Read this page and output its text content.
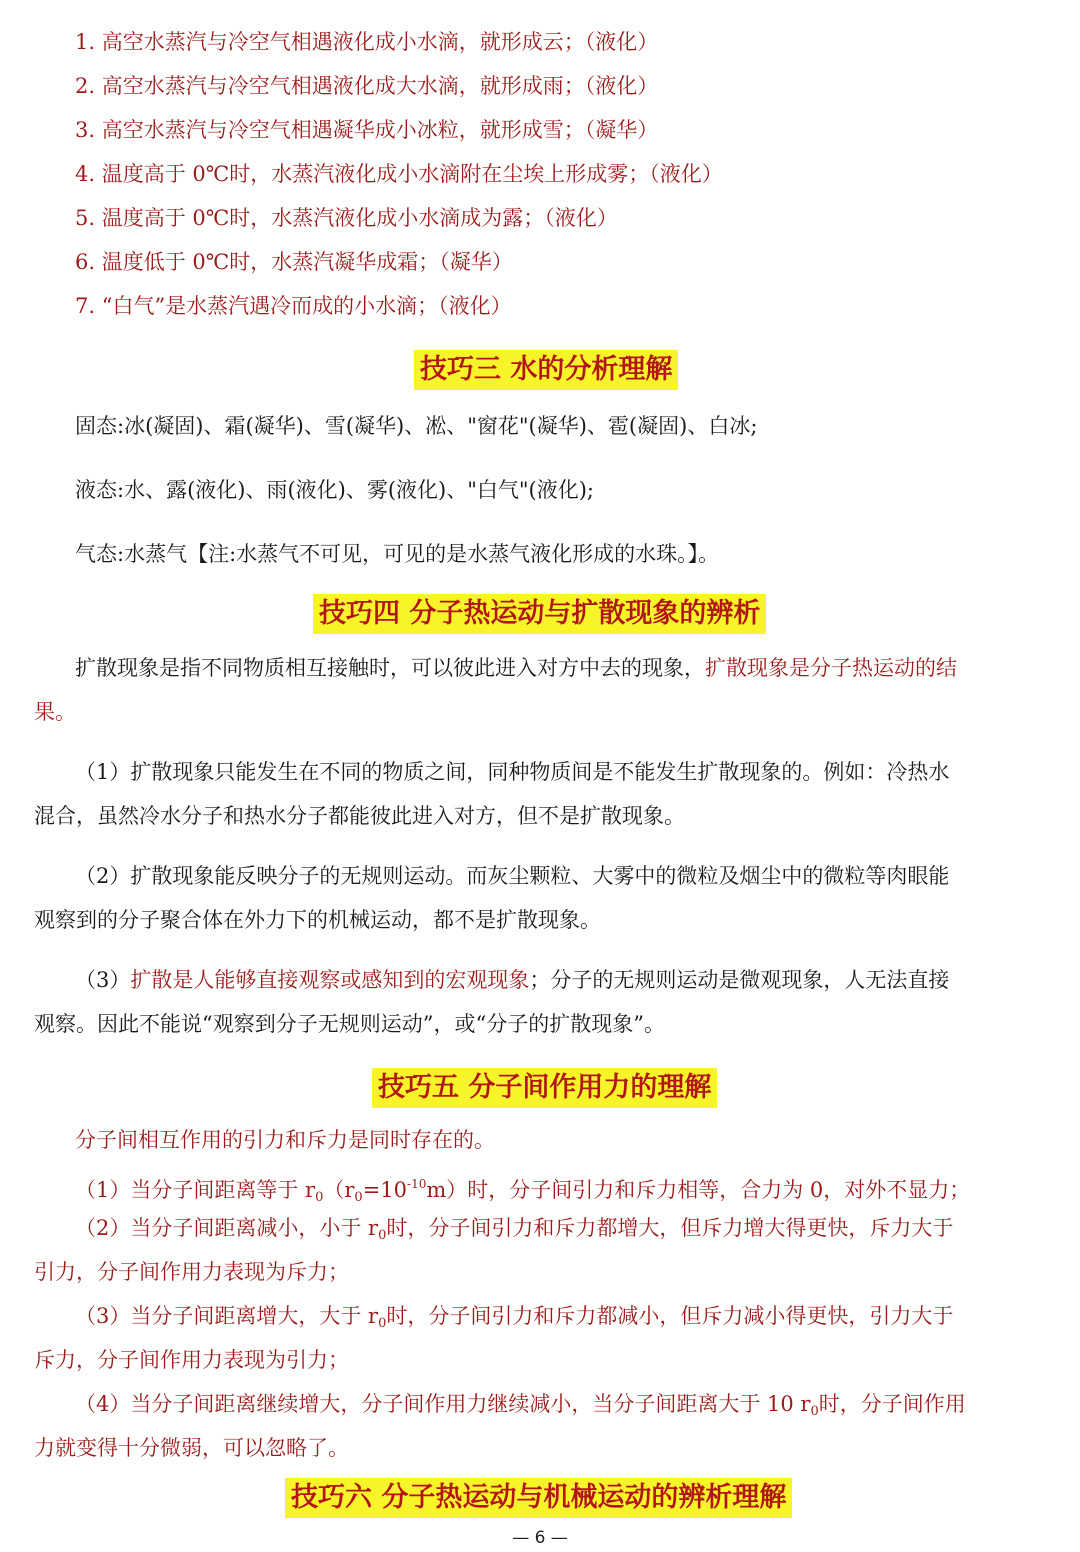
1. 高空水蒸汽与冷空气相遇液化成小水滴，就形成云；（液化）
2. 高空水蒸汽与冷空气相遇液化成大水滴，就形成雨；（液化）
3. 高空水蒸汽与冷空气相遇凝华成小冰粒，就形成雪；（凝华）
4. 温度高于 0℃时，水蒸汽液化成小水滴附在尘埃上形成雾；（液化）
5. 温度高于 0℃时，水蒸汽液化成小水滴成为露；（液化）
6. 温度低于 0℃时，水蒸汽凝华成霜；（凝华）
7. “白气”是水蒸汽遇冷而成的小水滴；（液化）
技巧三 水的分析理解
固态:冰(凝固)、霜(凝华)、雪(凝华)、凇、"窗花"(凝华)、雹(凝固)、白冰;
液态:水、露(液化)、雨(液化)、雾(液化)、"白气"(液化);
气态:水蒸气【注:水蒸气不可见，可见的是水蒸气液化形成的水珠。】。
技巧四 分子热运动与扩散现象的辨析
扩散现象是指不同物质相互接触时，可以彼此进入对方中去的现象，扩散现象是分子热运动的结
果。
（1）扩散现象只能发生在不同的物质之间，同种物质间是不能发生扩散现象的。例如：冷热水
混合，虽然冷水分子和热水分子都能彼此进入对方，但不是扩散现象。
（2）扩散现象能反映分子的无规则运动。而灰尘颗粒、大雾中的微粒及烟尘中的微粒等肉眼能
观察到的分子聚合体在外力下的机械运动，都不是扩散现象。
（3）扩散是人能够直接观察或感知到的宏观现象；分子的无规则运动是微观现象，人无法直接
观察。因此不能说“观察到分子无规则运动”，或“分子的扩散现象”。
技巧五 分子间作用力的理解
分子间相互作用的引力和斥力是同时存在的。
（1）当分子间距离等于 $r_0(r_0=10^{-10}m)$时，分子间引力和斥力相等，合力为 0，对外不显力；
（2）当分子间距离减小，小于 $r_0$时，分子间引力和斥力都增大，但斥力增大得更快，斥力大于
引力，分子间作用力表现为斥力；
（3）当分子间距离增大，大于 $r_0$时，分子间引力和斥力都减小，但斥力减小得更快，引力大于
斥力，分子间作用力表现为引力；
（4）当分子间距离继续增大，分子间作用力继续减小，当分子间距离大于 10 $r_0$时，分子间作用
力就变得十分微弱，可以忽略了。
技巧六 分子热运动与机械运动的辨析理解
— 6 —
